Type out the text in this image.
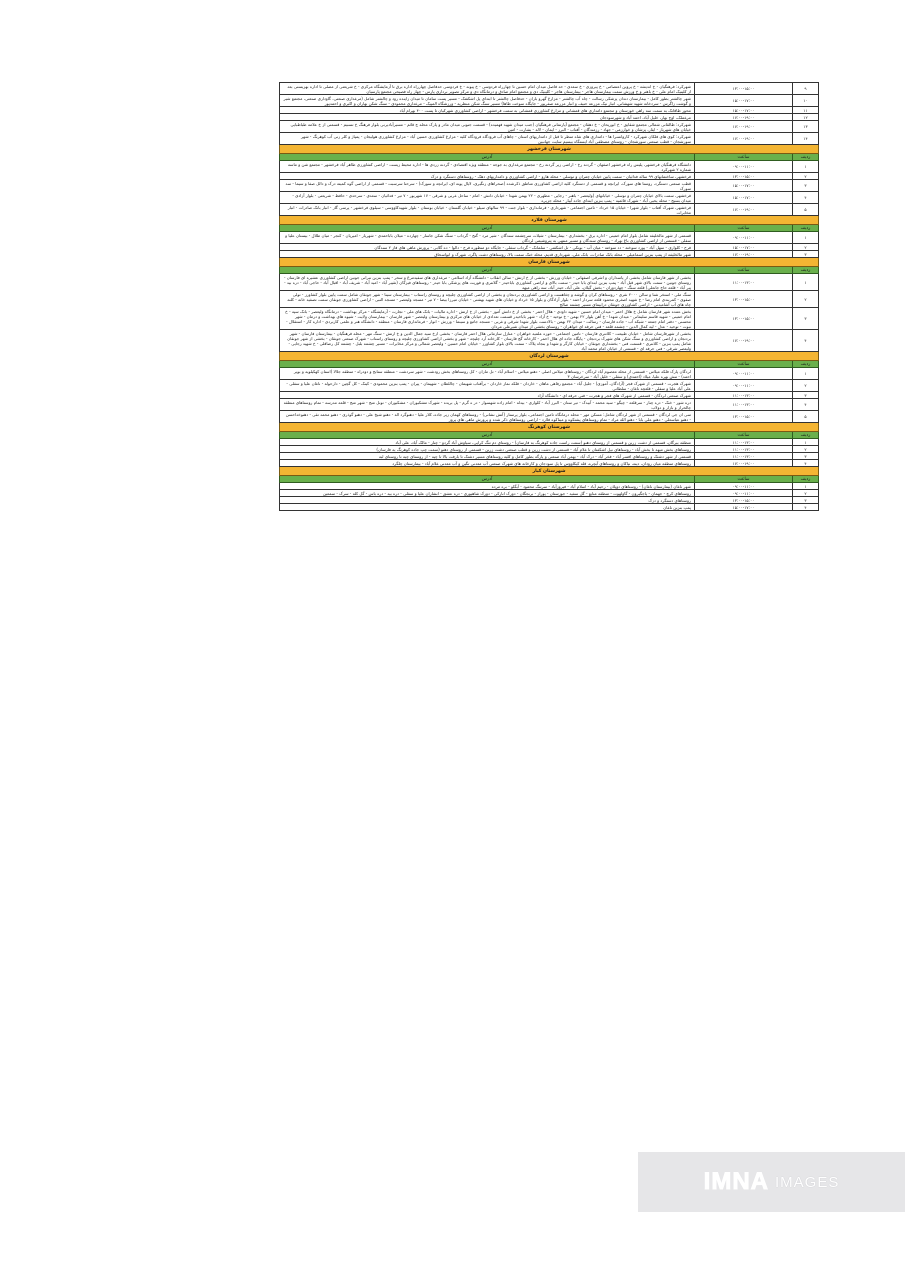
۹	۱۳:۰۰-۱۵:۰۰	شهرکرد: فرهنگیان - خ اندیشه - خ پروین اعتصامی - خ پیروزی - خ سعدی - حد فاصل میدان امام حسین تا چهارراه فردوسی - خ پیوند - خ فردوسی حدفاصل چهارراه اداره برق تا آزمایشگاه مرکزی - خ شریعتی از مصلی تا اداره بهزیستی بعد از کلینیک امام علی - خ باهنر و خ ورزش سمت بیمارستان هاجر - بیمارستان هاجر - کلینیک دی و مجتمع امام صادق و درمانگاه دی و مرکز تصویر برداری پارس - چهار راه فصیحی مجتمع پارسیان
۱۰	۱۵:۰۰-۱۷:۰۰	شهر چالشتر بطور کامل - بیمارستان دندان پزشکی رسالت - چاه آب چالشتر - مزارع گهرو باران - حدفاصل چالشتر تا ابتدای پل اشکفتک - مسیر پست سامان تا میدان زاینده رود و چالشتر شامل (مرغداری صنعتی، گاوداری صنعتی، مجتمع شیر و گوشت زاگرس - سردخانه شهید شهشانی، انبار نیک مزرعه حنیف و انبار مزرعه صفرپور - جایگاه سوخت طاها) مسیر سنگ شکن منظریه - ورزشگاه المپیک - مرغداری محمودی - سنگ شکن بهاران و اکبری و احمدپور
۱۱	۱۵:۰۰-۱۷:۰۰	محور طاقانک به سمت سه راهی خوزستان و مجتمع دامداری های قمشانی و مزارع کشاورزی قمشانی به سمت فرخشهر - اراضی کشاورزی شهرکیان تا پست ۴۰۰ بهرام آباد
۱۲	۱۷:۰۰-۱۹:۰۰	مرغملک، اوج بهار، خلیل آباد، احمد آباد و شهرسودجان
۱۳	۱۷:۰۰-۱۹:۰۰	شهرکرد: طالقانی شمالی مجتمع شقایق - خ ابوریحان - خ دهقان - مجتمع آپارتمانی فرهنگیان (جنب میدان شهید فهمیده) - قسمت جنوبی میدان مادر و پارک محله ج قائم - مسیرآبادیرنی بلوار فرهنگ خ تسنیم - قسمتی از خ علامه طباطبایی خیابان های شهریار - ایثار، پزشان و خوارزمی - جهاد - رزمندگان - آفتاب - البرز - ایمان - لاله - بشارت - امین
۱۴	۱۷:۰۰-۱۹:۰۰	شهرکرد: کوی های فلکان شهرکرد - کاروانسرا ها - دامداری های شاه منظر تا قبل از دامداریهای استان - چاهای آب فرودگاه فرودگاه کلیه - مزارع کشاورزی حسین آباد - مزارع کشاورزی هولیجان - پمپاژ و کلر زنی آب کوهرنگ - شهر سورشجان - قطب صنعتی سورشجان - روستای مصطفی آباد ایستگاه بیسیم سایت جهانبین
شهرستان فرخشهر		
ردیف	ساعت	آدرس
۱	۰۹:۰۰-۱۱:۰۰	دانشگاه فرهنگیان فرخشهر، پلیس راه فرخشهر اصفهان - گردنه رخ - اراضی زیر گردنه رخ - مجتمع مرغداری به جوجه - منطقه ویژه اقتصادی - گردنه زردی ها - اداره محیط زیست - اراضی کشاورزی طاهر آباد فرخشهر - مجتمع شن و ماسه شماره ۲ شهرکرد
۲	۱۳:۰۰-۱۵:۰۰	فرخشهر، ساختمانهای ۹۹ ساله فدائیان - سمت پایین خیابان چمران و توسلی - محله هارو - اراضی کشاورزی و دامداریهای دهک - روستاهای دستگرد و دزک
۳	۱۵:۰۰-۱۷:۰۰	قطب صنعتی دستگرد، روستا های سورک، ایرانچه و قسمتی از دستگرد کلیه اراضی کشاورزی مناطق ذکرشده (صحراهای زنگیری، لایال پونه ای، ایرانچه و سورک) - سرحنا سرسبت - قسمتی از اراضی گوه کمیته درک و دالل صفا و سیما - سد سورک
۴	۱۵:۰۰-۱۷:۰۰	فرخشهر، سمت بالای خیابان چمران و توسلی - خیابانهای (ولیعصر - باهنر - رجایی - مطهری - ۲۲ بهمن شهدا - خیابان دانش - امام - ساحل غربی و شرقی - ۱۷ شهریور - ۷ تیر - فدائیان - سعدی - سرحدی - حافظ - شریعتی - بلوار آزادی - میدان بسیج - محله یحیی آباد - شهرک قائمیه - پمپ بنزین ابتدای جاده آبیار - محله جزیره
۵	۱۷:۰۰-۱۹:۰۰	فرخشهر، شهرک آفتاب - بلوار شهرا - خیابان ۱۵ خرداد - تامین اجتماعی - شهرداری - فرمانداری - بلوار جنت - ۹۹ سالهای سیلو - خیابان گلستان - خیابان بوستان - بلوار شهیدکاووسی - سیلوی فرخشهر - پرسی گاز - انبار بانک صادرات - انبار مخابرات
شهرستان فلارد		
ردیف	ساعت	آدرس
۱	۰۹:۰۰-۱۱:۰۰	قسمتی از شهر مالخلیفه شامل بلوار امام خمینی - اداره برق - بخشداری - بیمارستان - شیلات سرچشمه سندگان - شیر مرد - گنج - گرداب - سنگ شکن جاسار - چهارده - میلان باباحمدی - شهریار - امیریان - کنجر - میان طلال - بیستان علیا و سفلی - قسمتی از اراضی کشاورزی باغ بهراد - روستای سندگان و مسیر منتهی به پتروشیمی لردگان
۲	۱۵:۰۰-۱۷:۰۰	فرح - کلواری - سهل آباد - پورد سوخته - دد سوخته - میان آب - بونکی - تل اشکفتی - سلمانک - گرداب سفلی - جایگاه دو منظوره فرج - دالوا - ده گلابی - پرورش ماهی های فاز ۲ سندگان
۳	۱۷:۰۰-۱۹:۰۰	شهر مالخلیفه از پمپ بنزین اسماعیلی - محله بانک صادرات، بانک ملی، شهرداری قدیم، محله خنک سمت بالا، روستاهای دشت پاگرد، شهرک و ابواسحاق
شهرستان فارسان		
ردیف	ساعت	آدرس
۱	۱۱:۰۰-۱۳:۰۰	بخشی از شهر فارسان شامل بخشی از پاسداران و اشرفی اصفهانی - خیابان ورزش - بخشی از خ ارتش - سالن انقلاب - دانشگاه آزاد اسلامی - مرغداری های سفیدمرغ و سحر - پمپ بنزین نیرانی جونین اراضی کشاورزی عشیره ای فارسان - روستای جونین - سمت بالای شهر قبل آباد - پمپ بنزین ابتدای بابا حیدر - سمت بالای و اراضی کشاورزی باباحیدر - گلانتری و فوریت های پزشکی بابا حیدر - روستاهای فیزگان (تقییر آباد - امید آباد - شریف آباد - اقبال آباد - حاجی آباد - دره بید - پیر آباد - قلعه حاج جانعلی) قلعه سنگ - چهاردوران - بخش گیلان، علی آباد، حیدر آباد، سه راهی میهه
۲	۱۳:۰۰-۱۵:۰۰	سنگ ملی - استخر شنا و سالن ۲۰۰۰ نفری - روستاهای کران و گوشه و چغاهست و اراضی کشاورزی بردنجان و بخشی از اراضی کشاورزی چلیچه و روستای راستاب - بیمارستان سینا - شهر جونقان شامل سمت پایین بلوار کشاورز - تولی صفوی - کمربندی امام رضا - خ شهید اصغری محمود قلعه سردار احمد - بلوار آزادگان و بلوار ۱۵ خرداد و خیابان های شهید بهشتی - خیابان میرزا بیضا - ۷ تیر - مسجد ولیعصر - مسجد النبی - اراضی کشاورزی جونقان سمت تصفیه خانه - کلنه چاه های آب آشامیدنی - اراضی کشاورزی جونقان درابیمای مسیر چشمه صالح
۳	۱۳:۰۰-۱۵:۰۰	بخش عمده شهر فارسان شامل خ هلال احمر - میدان امام حسین - شهید داودی - هلال احمر - بخشی از خ دانش آموز - بخشی از خ ارتش - اداره مالیات - بانک های ملی - تجارت - آزمایشگاه - مرکز بهداشت - درمانگاه ولیعصر - بانک سپه - خ امام خمینی - شهید قاسم سلیمانی - میدان شهدا - خ آهن بلوار ۲۲ بهمن - خ توحید - خ آزاد - شهر باباحیدر قسمت تعدادی از خیابان های مرکزی و بیمارستان ولیعصر - شهر فارسان - بیمارستان ولایت - شیوه های بهداشت و درمان - شهر محسنی - دفتر امام جمعه - شبکه آب - جاده فارسان - رسالت - میدان ۲۲ بهمن - بالادست بلوار شهدا شرقی و غربی - مسجد جامع و سینما - ورزش - انوار - فرمانداری فارسان - منطقه - دانشگاه هنر و علمی کاربردی - اداره کار - استقلال - نبوت - توحید - عدل - لیه کمال الدین - چشمه قلعه - فنی حرفه ای خواهران - روستای بخشی از میدان شیرعلی مردان
۴	۱۷:۰۰-۱۹:۰۰	بخشی از شهرفارسان شامل - خیابان طبیعت - کلانتری فارسان - تامین اجتماعی - حوزه علمیه خواهران - منازل سازمانی هلال احمر فارسان - بخشی ازخ سید جمال الدین و خ ارتش - سنگ مهر - محله فرهنگیان - بیمارستان فارسان - شهر بردنجان و اراضی کشاورزی و سنگ شکن های شهرک بردنجان - پایگاه جاده ای هلال احمر - کارخانه گچ فارسان - کارخانه آرد چلیچه - شهر و بخشی اراضی کشاورزی چلیچه و روستای راستاب - شهرک صنعتی جونقان - بخشی از شهر جونقان شامل پمپ بنزین - کلانتری - قسمت فنی - بخشداری جونقان - خیابان کارگر و شهدا و بنجاه پلاک - سمت بالای بلوار کشاورز - خیابان امام حسین - ولیعصر شمالی و مرکز مخابرات - مسیر چشمه بلبل - چشمه کل رضاقلی - خ شهید رجایی - ولیعصر شرقی - فنی حرفه ای - قسمتی از خیابان امام محمد آباد
شهرستان لردگان		
ردیف	ساعت	آدرس
۱	۰۹:۰۰-۱۱:۰۰	لردگان پارک فلکه میلاس - قسمتی از محله معصوم آباد لردگان - روستاهای میلاس اصلی - دهنو میلاس - اسلام آباد - تل مازان - کل روستاهای بخش رودشت - شهر سردشت - منطقه ستانح و دودراه - منطقه جلالا (استان کهکیلویه و بویر احمد) - تنش بهره علیا، میلاد (احمدی) و سفلی - خلیل آباد - سرخرسان ۳
۲	۰۹:۰۰-۱۱:۰۰	شهرک هجرت - قسمتی از شهرک فجر (آزادگان، آموزی) - جلیل آباد - مجتمع رفاهی ماهان - خاردان - فلکه نماز خاردان - برآفتاب شهیمان - چاللطان - شهیمان - پیران - پمپ بنزین محمودی - کینک - کل گچین - دارحوله - ناغان علیا و سفلی - علی آباد علیا و سفلی - قلعچه ناغان - سلطانی
۳	۱۱:۰۰-۱۳:۰۰	شهرک صنعتی لردگان - قسمتی از شهرک های فجر و هجرت - فنی حرفه ای - دانشگاه آزاد
۴	۱۱:۰۰-۱۳:۰۰	دره شور - خنک - دره چنار - سرقلعه - چیگو - سید محمد - آبیدک - تیر ستان - البرز آباد - کلواری - بیدله - امام زاده شهسوار - در ه گرم - پل بریده - شهرک مشکبوران - مشکبوران - تونل منج - شهر منج - قلعه مدرسه - تمام روستاهای منطقه چالحراز و بازار و دولاب
۵	۱۳:۰۰-۱۵:۰۰	سی ان جی لردگان - قسمتی از شهر لردگان شامل: مسکن مهر - محله درمانگاه تامین اجتماعی، بلوار پرستار (آتش نشانی) - روستاهای کهمان زیر جاده، کلار علیا - دهنوگرد اله - دهنو شیخ علی - دهنو گوذری - دهنو محمد تقی - دهنوخداحسن - دهنو عباسعلی - دهنو علی بابا - دهنو الله مراد - تمام روستاهای پشتکوه و میناکوه فلارد - اراضی روستاهای ذکر شده و پرورش ماهی های پروز
شهرستان کوهرنگ		
ردیف	ساعت	آدرس
۱	۱۱:۰۰-۱۳:۰۰	منطقه بیرگان، قسمتی از دشت زرین و قسمتی از روستای دهنو (سمت راست جاده کوهرنگ به فارسان) - روستای دم تنگ کرایی، سیاوش آباد گردو - چنار - مالک آباد، علی آباد
۲	۱۱:۰۰-۱۳:۰۰	روستاهای بخش میهه تا بخش آباد - روستاهای نیل اشکفتان تا غلام آباد - قسمتی از دشت زرین و قطب صنعتی دشت زرین - قسمتی از روستای دهنو (سمت چپ جاده کوهرنگ به فارسان)
۳	۱۱:۰۰-۱۳:۰۰	قسمتی از شهر دشتک و روستاهای افسر آباد - فخر آباد - درک آباد - بهمن آباد صنعتی و پارگه بطور کامل و کلیه روستاهای مسیر دشتک تا بارفت بالا تا چیه - از روستای چیه تا روستای لبه
۴	۱۷:۰۰-۱۹:۰۰	روستاهای منطقه میان رودان، دینه، نیاکان و روستاهای آبچره، قله کیکاووس تا پل سودجان و کارخانه های شهرک صنعتی آب معدنی تگین و آب معدنی غلام آباد - بیمارستان چلگرد
شهرستان کیار		
ردیف	ساعت	آدرس
۱	۰۹:۰۰-۱۱:۰۰	شهر ناغان (بیمارستان ناغان) - روستاهای دوپلان - رحیم آباد - اسلام آباد - فیروزآباد - سرتنگ محمود - آبگلو - بره مرده
۲	۰۹:۰۰-۱۱:۰۰	روستاهای کرچ - جهمان - یاجگیرون - گاولهوت - منطقه منابع - گل سفید - جوزستان - پوراز - برنجگان - دورک انارکی - دورک شاهیوری - دره عشق - انشاران علیا و سفلی - دره بید - دره باس - گل کله - سرک - سمعین
۳	۱۳:۰۰-۱۵:۰۰	روستاهای دستگرد و دزک
۴	۱۵:۰۰-۱۷:۰۰	پمپ بنزین ناغان
IMNA IMAGES
